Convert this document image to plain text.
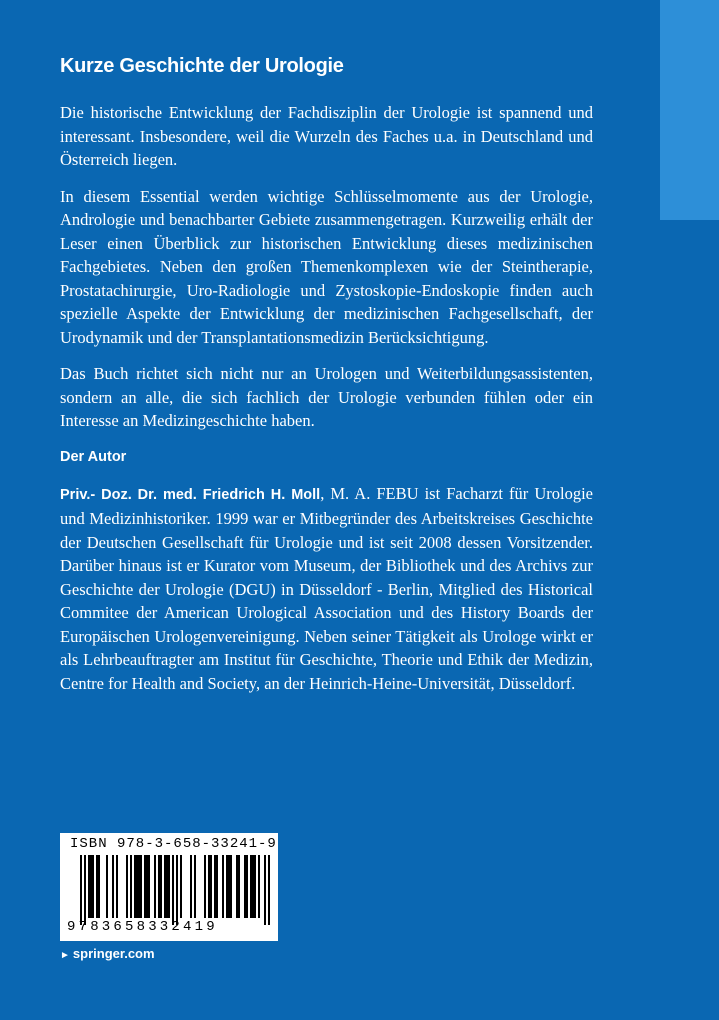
Kurze Geschichte der Urologie

Die historische Entwicklung der Fachdisziplin der Urologie ist spannend und interessant. Insbesondere, weil die Wurzeln des Faches u.a. in Deutschland und Österreich liegen.

In diesem Essential werden wichtige Schlüsselmomente aus der Urologie, Andrologie und benachbarter Gebiete zusammengetragen. Kurzweilig erhält der Leser einen Überblick zur historischen Entwicklung dieses medizinischen Fachgebietes. Neben den großen Themenkomplexen wie der Steintherapie, Prostatachirurgie, Uro-Radiologie und Zystoskopie-Endoskopie finden auch spezielle Aspekte der Entwicklung der medizinischen Fachgesellschaft, der Urodynamik und der Transplantationsmedizin Berücksichtigung.

Das Buch richtet sich nicht nur an Urologen und Weiterbildungsassistenten, sondern an alle, die sich fachlich der Urologie verbunden fühlen oder ein Interesse an Medizingeschichte haben.

Der Autor

Priv.- Doz. Dr. med. Friedrich H. Moll, M. A. FEBU ist Facharzt für Urologie und Medizinhistoriker. 1999 war er Mitbegründer des Arbeitskreises Geschichte der Deutschen Gesellschaft für Urologie und ist seit 2008 dessen Vorsitzender. Darüber hinaus ist er Kurator vom Museum, der Bibliothek und des Archivs zur Geschichte der Urologie (DGU) in Düsseldorf - Berlin, Mitglied des Historical Commitee der American Urological Association und des History Boards der Europäischen Urologenvereinigung. Neben seiner Tätigkeit als Urologe wirkt er als Lehrbeauftragter am Institut für Geschichte, Theorie und Ethik der Medizin, Centre for Health and Society, an der Heinrich-Heine-Universität, Düsseldorf.

ISBN 978-3-658-33241-9
9783658332419
► springer.com
